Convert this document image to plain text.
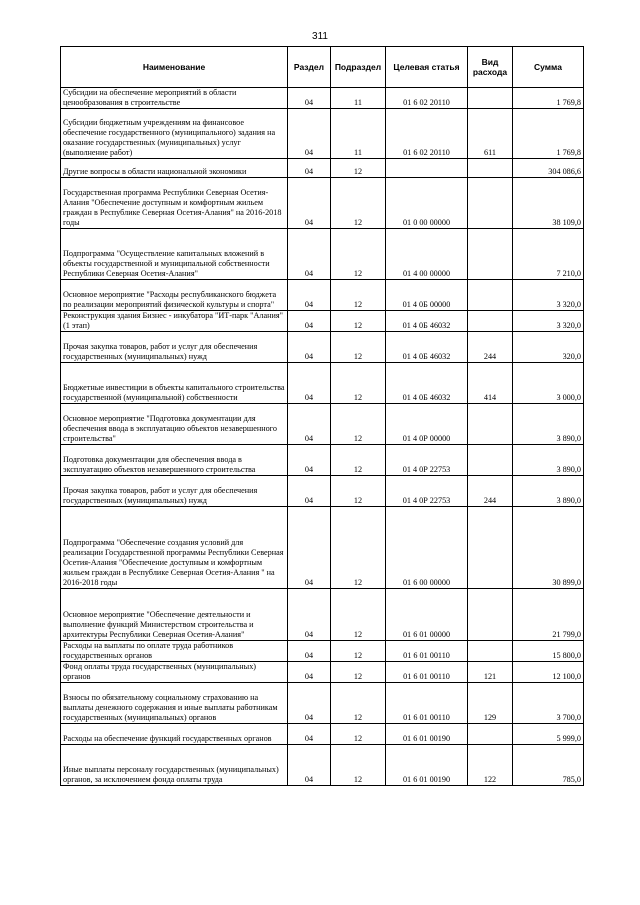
311
Наименование	Раздел	Подраздел	Целевая статья	Вид расхода	Сумма
Субсидии на обеспечение мероприятий в области ценообразования в строительстве	04	11	01 6 02 20110		1 769,8
Субсидии бюджетным учреждениям на финансовое обеспечение государственного (муниципального) задания на оказание государственных (муниципальных) услуг (выполнение работ)	04	11	01 6 02 20110	611	1 769,8
Другие вопросы в области национальной экономики	04	12			304 086,6
Государственная программа Республики Северная Осетия-Алания "Обеспечение доступным и комфортным жильем граждан в Республике Северная Осетия-Алания" на 2016-2018 годы	04	12	01 0 00 00000		38 109,0
Подпрограмма "Осуществление капитальных вложений в объекты государственной и муниципальной собственности Республики Северная Осетия-Алания"	04	12	01 4 00 00000		7 210,0
Основное мероприятие "Расходы республиканского бюджета по реализации мероприятий физической культуры и спорта"	04	12	01 4 0Б 00000		3 320,0
Реконструкция здания Бизнес - инкубатора "ИТ-парк "Алания" (1 этап)	04	12	01 4 0Б 46032		3 320,0
Прочая закупка товаров, работ и услуг для обеспечения государственных (муниципальных) нужд	04	12	01 4 0Б 46032	244	320,0
Бюджетные инвестиции в объекты капитального строительства государственной (муниципальной) собственности	04	12	01 4 0Б 46032	414	3 000,0
Основное мероприятие "Подготовка документации для обеспечения ввода в эксплуатацию объектов незавершенного строительства"	04	12	01 4 0Р 00000		3 890,0
Подготовка документации для обеспечения ввода в эксплуатацию объектов незавершенного строительства	04	12	01 4 0Р 22753		3 890,0
Прочая закупка товаров, работ и услуг для обеспечения государственных (муниципальных) нужд	04	12	01 4 0Р 22753	244	3 890,0
Подпрограмма "Обеспечение создания условий для реализации Государственной программы Республики Северная Осетия-Алания "Обеспечение доступным и комфортным жильем граждан в Республике Северная Осетия-Алания " на 2016-2018 годы	04	12	01 6 00 00000		30 899,0
Основное мероприятие "Обеспечение деятельности и выполнение функций Министерством строительства и архитектуры Республики Северная Осетия-Алания"	04	12	01 6 01 00000		21 799,0
Расходы на выплаты по оплате труда работников государственных органов	04	12	01 6 01 00110		15 800,0
Фонд оплаты труда государственных (муниципальных) органов	04	12	01 6 01 00110	121	12 100,0
Взносы по обязательному социальному страхованию на выплаты денежного содержания и иные выплаты работникам государственных (муниципальных) органов	04	12	01 6 01 00110	129	3 700,0
Расходы на обеспечение функций государственных органов	04	12	01 6 01 00190		5 999,0
Иные выплаты персоналу государственных (муниципальных) органов, за исключением фонда оплаты труда	04	12	01 6 01 00190	122	785,0
